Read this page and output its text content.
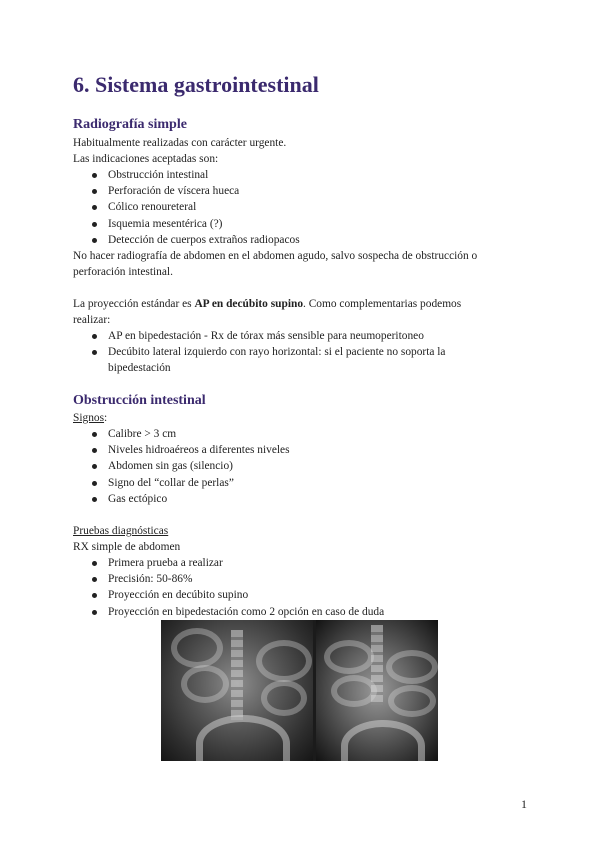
6. Sistema gastrointestinal
Radiografía simple

Habitualmente realizadas con carácter urgente.

Las indicaciones aceptadas son:

Obstrucción intestinal
Perforación de víscera hueca
Cólico renoureteral
Isquemia mesentérica (?)
Detección de cuerpos extraños radiopacos

No hacer radiografía de abdomen en el abdomen agudo, salvo sospecha de obstrucción o

perforación intestinal.

La proyección estándar es AP en decúbito supino. Como complementarias podemos

realizar:

AP en bipedestación - Rx de tórax más sensible para neumoperitoneo
Decúbito lateral izquierdo con rayo horizontal: si el paciente no soporta la
bipedestación
Obstrucción intestinal

Signos:

Calibre > 3 cm
Niveles hidroaéreos a diferentes niveles
Abdomen sin gas (silencio)
Signo del “collar de perlas”
Gas ectópico

Pruebas diagnósticas

RX simple de abdomen

Primera prueba a realizar
Precisión: 50-86%
Proyección en decúbito supino
Proyección en bipedestación como 2 opción en caso de duda
1
